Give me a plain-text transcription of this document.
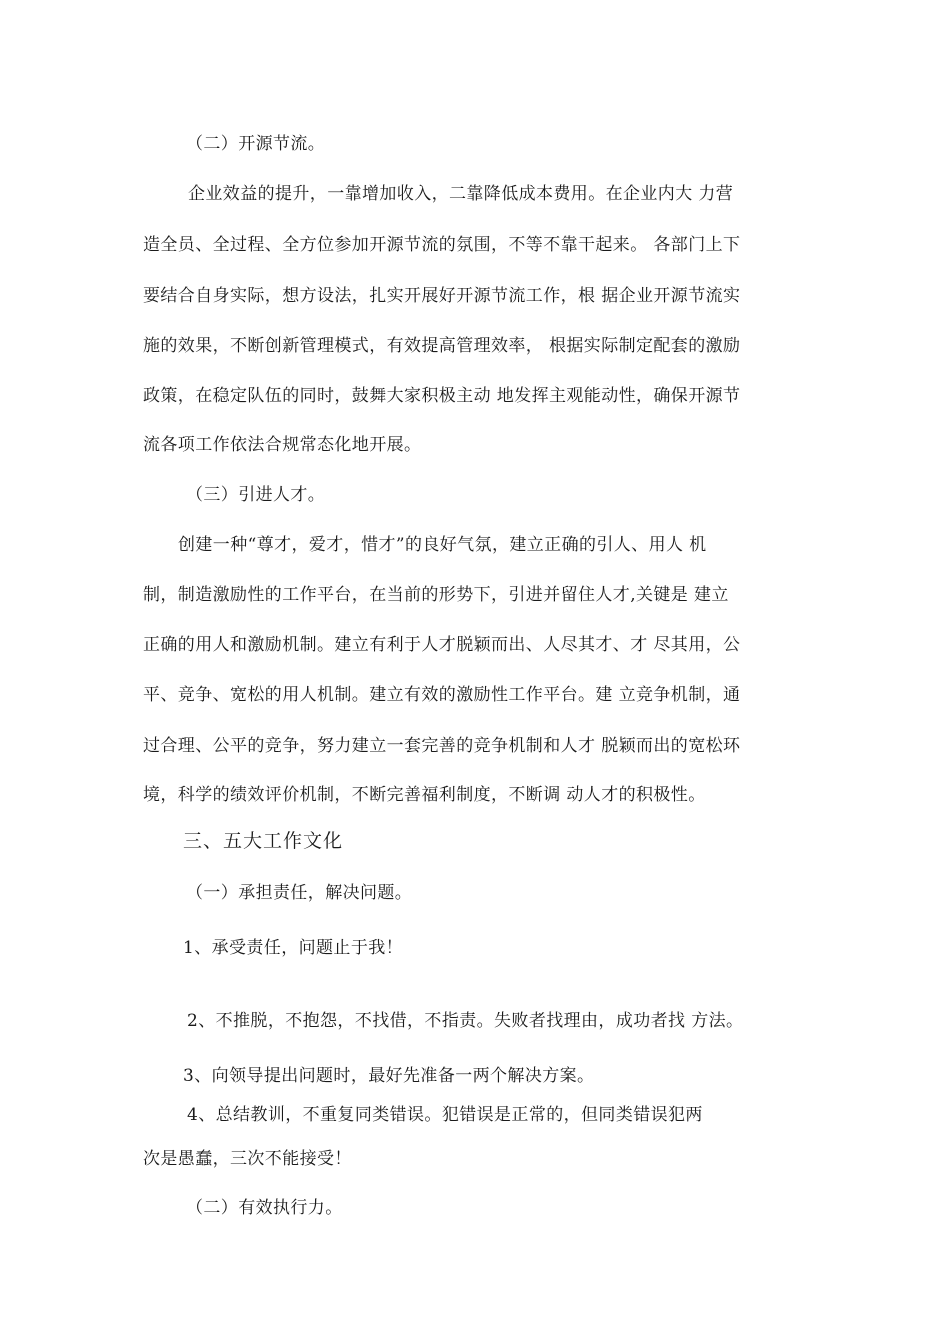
（二）开源节流。

企业效益的提升，一靠增加收入，二靠降低成本费用。在企业内大 力营

造全员、全过程、全方位参加开源节流的氛围，不等不靠干起来。 各部门上下

要结合自身实际，想方设法，扎实开展好开源节流工作，根 据企业开源节流实

施的效果，不断创新管理模式，有效提高管理效率， 根据实际制定配套的激励

政策，在稳定队伍的同时，鼓舞大家积极主动 地发挥主观能动性，确保开源节

流各项工作依法合规常态化地开展。

（三）引进人才。

创建一种“尊才，爱才，惜才”的良好气氛，建立正确的引人、用人 机

制，制造激励性的工作平台，在当前的形势下，引进并留住人才,关键是 建立

正确的用人和激励机制。建立有利于人才脱颖而出、人尽其才、才 尽其用，公

平、竞争、宽松的用人机制。建立有效的激励性工作平台。建 立竞争机制，通

过合理、公平的竞争，努力建立一套完善的竞争机制和人才 脱颖而出的宽松环

境，科学的绩效评价机制，不断完善福利制度，不断调 动人才的积极性。

三、五大工作文化

（一）承担责任，解决问题。

1、承受责任，问题止于我！

2、不推脱，不抱怨，不找借，不指责。失败者找理由，成功者找 方法。

3、向领导提出问题时，最好先准备一两个解决方案。

4、总结教训，不重复同类错误。犯错误是正常的，但同类错误犯两

次是愚蠢，三次不能接受！

（二）有效执行力。
